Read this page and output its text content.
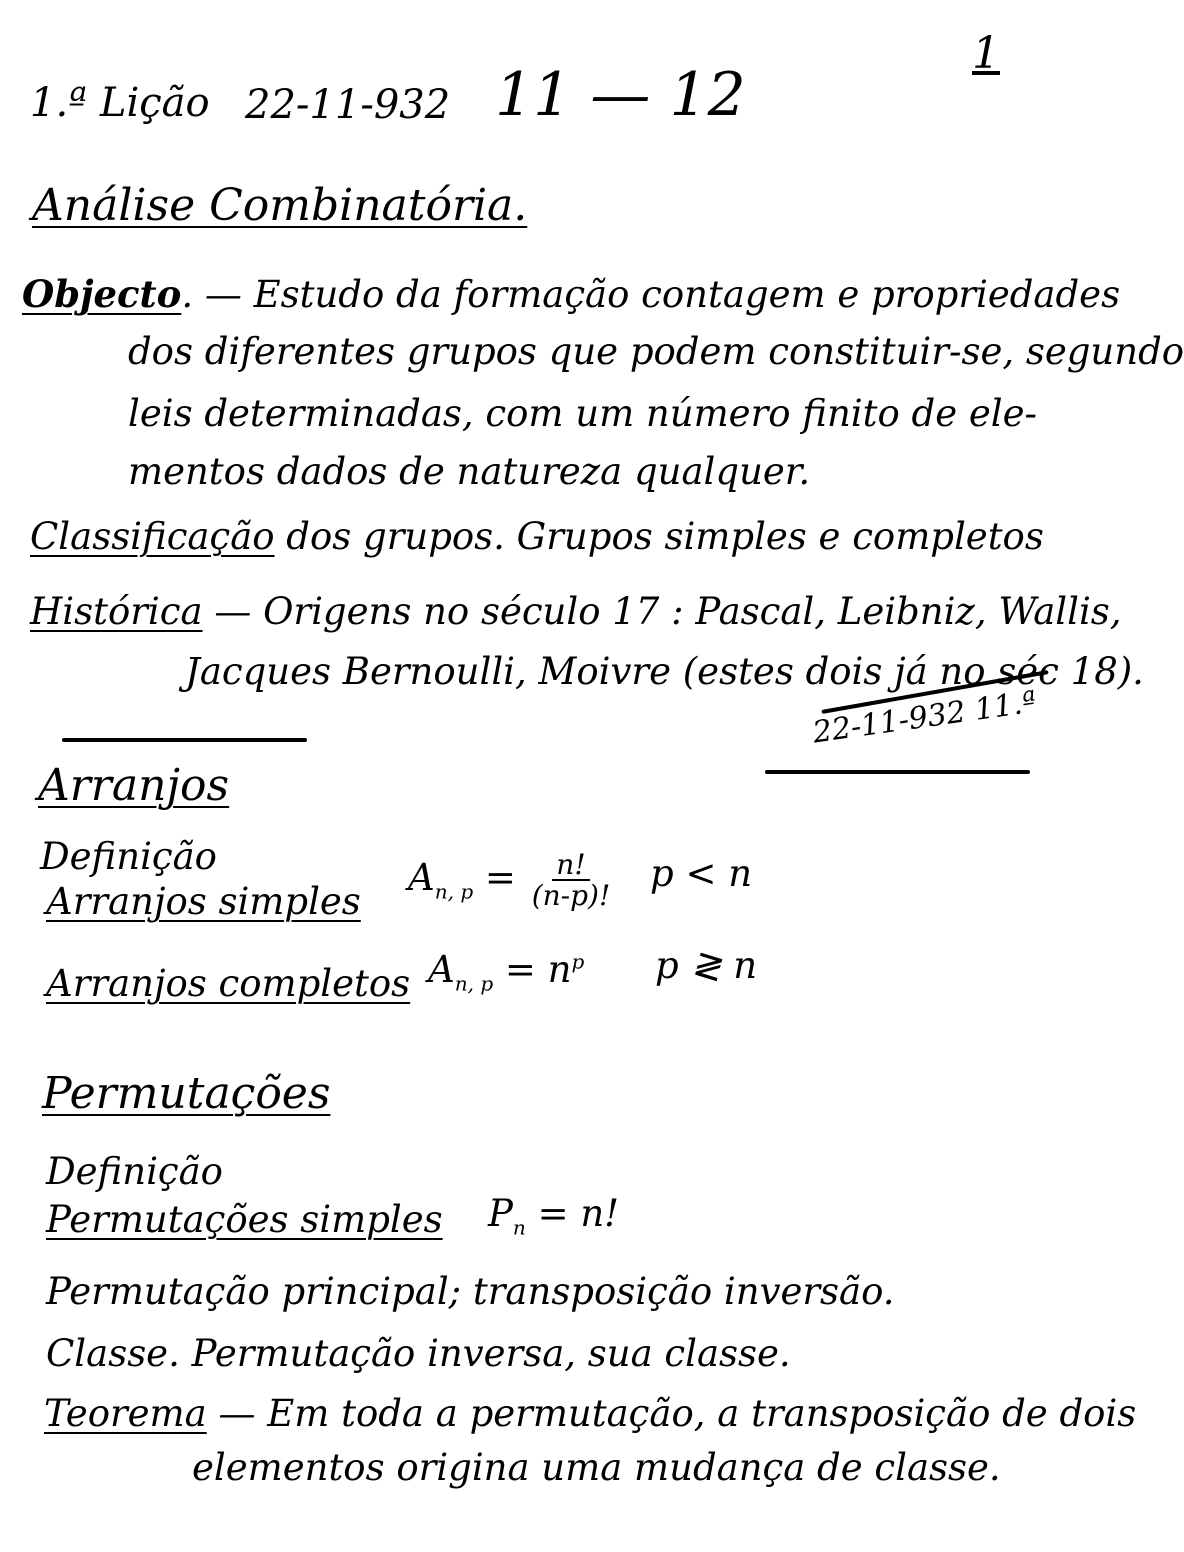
1
1.ª Lição 22-11-932 11 — 12
Análise Combinatória.
Objecto. — Estudo da formação contagem e propriedades
dos diferentes grupos que podem constituir-se, segundo
leis determinadas, com um número finito de ele-
mentos dados de natureza qualquer.
Classificação dos grupos. Grupos simples e completos
Histórica — Origens no século 17 : Pascal, Leibniz, Wallis,
Jacques Bernoulli, Moivre (estes dois já no séc 18).
22-11-932 11.ª
Arranjos
Definição
Arranjos simples
$A_{n, p} = \frac{n!}{(n-p)!}$ p < n
Arranjos completos $A_{n, p} = n^p$ p ≷ n
Permutações
Definição
Permutações simples $P_n = n$!
Permutação principal; transposição inversão.
Classe. Permutação inversa, sua classe.
Teorema — Em toda a permutação, a transposição de dois
elementos origina uma mudança de classe.
